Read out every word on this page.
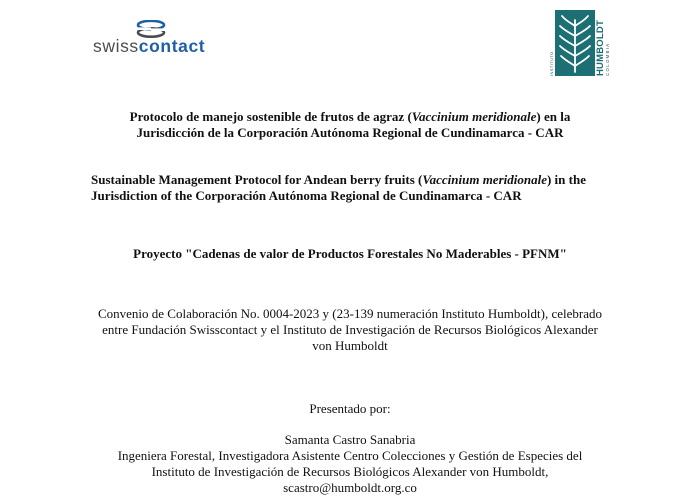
swisscontact
INSTITUTO	HUMBOLDT COLOMBIA
Protocolo de manejo sostenible de frutos de agraz (Vaccinium meridionale) en la
Jurisdicción de la Corporación Autónoma Regional de Cundinamarca - CAR
Sustainable Management Protocol for Andean berry fruits (Vaccinium meridionale) in the
Jurisdiction of the Corporación Autónoma Regional de Cundinamarca - CAR
Proyecto "Cadenas de valor de Productos Forestales No Maderables - PFNM"
Convenio de Colaboración No. 0004-2023 y (23-139 numeración Instituto Humboldt), celebrado
entre Fundación Swisscontact y el Instituto de Investigación de Recursos Biológicos Alexander
von Humboldt
Presentado por:
Samanta Castro Sanabria
Ingeniera Forestal, Investigadora Asistente Centro Colecciones y Gestión de Especies del
Instituto de Investigación de Recursos Biológicos Alexander von Humboldt,
scastro@humboldt.org.co
